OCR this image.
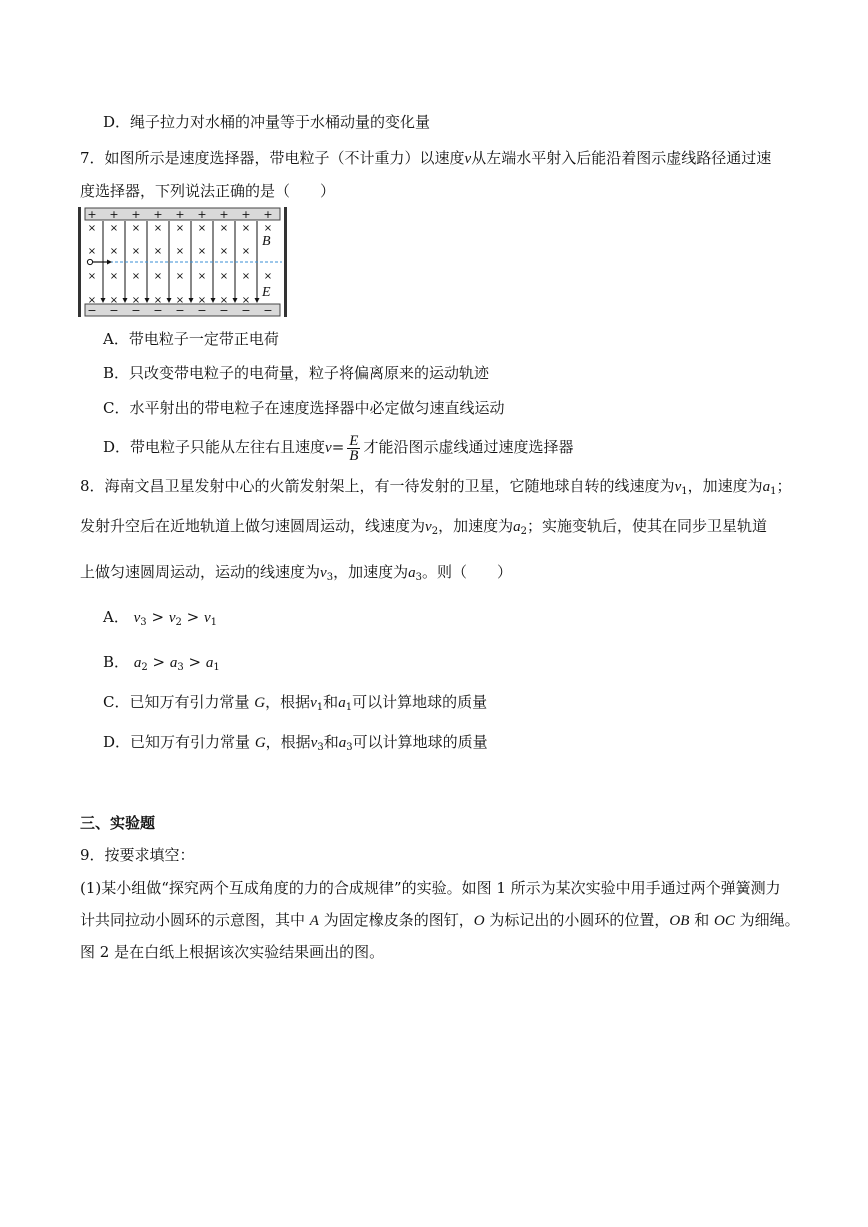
D．绳子拉力对水桶的冲量等于水桶动量的变化量
7．如图所示是速度选择器，带电粒子（不计重力）以速度v从左端水平射入后能沿着图示虚线路径通过速
度选择器，下列说法正确的是（　　）
+ + + + + + + + +
− − − − − − − − −
× × × × × × × × ×
× × × × × × × ×
× × × × × × × × ×
× × × × × × × ×
B
E
A．带电粒子一定带正电荷
B．只改变带电粒子的电荷量，粒子将偏离原来的运动轨迹
C．水平射出的带电粒子在速度选择器中必定做匀速直线运动
D．带电粒子只能从左往右且速度$v= \frac{E}{B}$ 才能沿图示虚线通过速度选择器
8．海南文昌卫星发射中心的火箭发射架上，有一待发射的卫星，它随地球自转的线速度为$v_1$，加速度为$a_1$；
发射升空后在近地轨道上做匀速圆周运动，线速度为$v_2$，加速度为$a_2$；实施变轨后，使其在同步卫星轨道
上做匀速圆周运动，运动的线速度为$v_3$，加速度为$a_3$。则（　　）
A． $v_3 > v_2 > v_1$
B． $a_2 > a_3 > a_1$
C．已知万有引力常量 G，根据$v_1$和$a_1$可以计算地球的质量
D．已知万有引力常量 G，根据$v_3$和$a_3$可以计算地球的质量
三、实验题
9．按要求填空：
(1)某小组做“探究两个互成角度的力的合成规律”的实验。如图 1 所示为某次实验中用手通过两个弹簧测力
计共同拉动小圆环的示意图，其中 A 为固定橡皮条的图钉，O 为标记出的小圆环的位置，OB 和 OC 为细绳。
图 2 是在白纸上根据该次实验结果画出的图。
